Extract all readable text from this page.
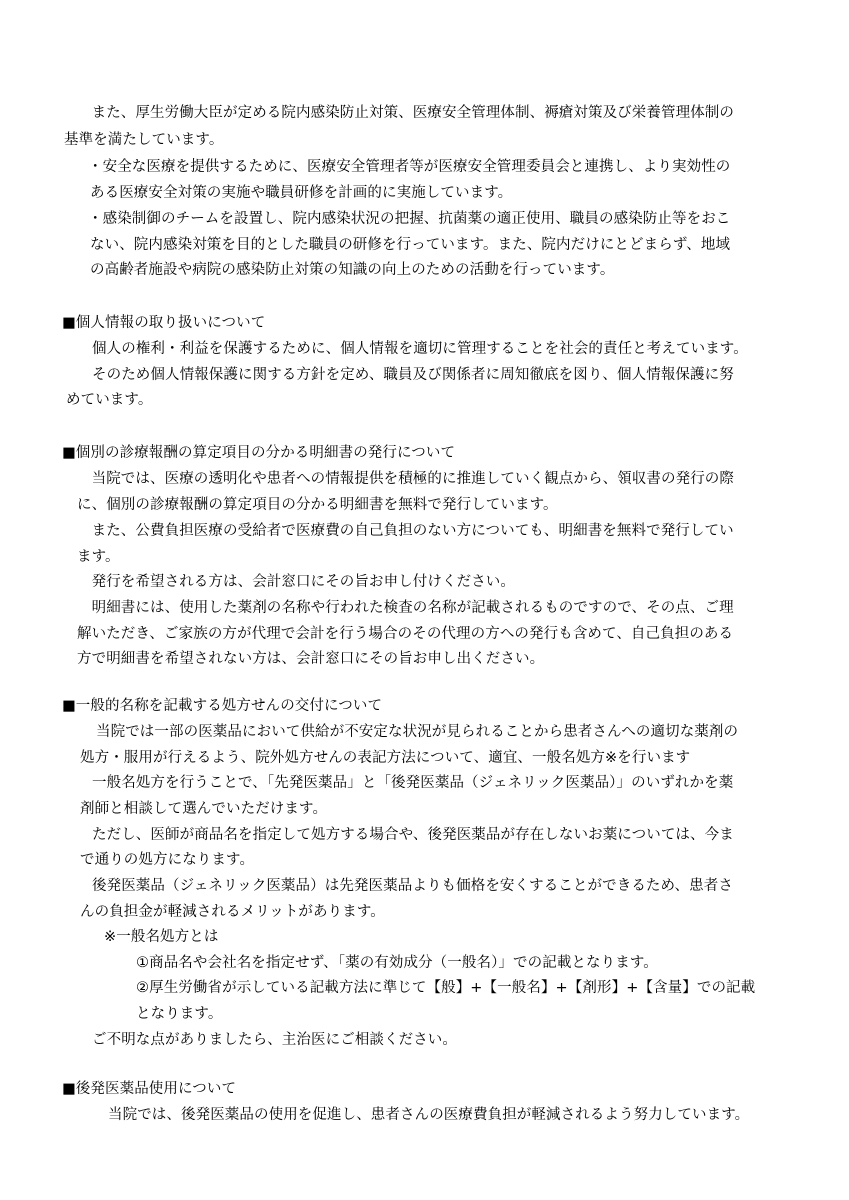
　また、厚生労働大臣が定める院内感染防止対策、医療安全管理体制、褥瘡対策及び栄養管理体制の
基準を満たしています。
・安全な医療を提供するために、医療安全管理者等が医療安全管理委員会と連携し、より実効性の
ある医療安全対策の実施や職員研修を計画的に実施しています。
・感染制御のチームを設置し、院内感染状況の把握、抗菌薬の適正使用、職員の感染防止等をおこ
ない、院内感染対策を目的とした職員の研修を行っています。また、院内だけにとどまらず、地域
の高齢者施設や病院の感染防止対策の知識の向上のための活動を行っています。
■個人情報の取り扱いについて
個人の権利・利益を保護するために、個人情報を適切に管理することを社会的責任と考えています。
そのため個人情報保護に関する方針を定め、職員及び関係者に周知徹底を図り、個人情報保護に努
めています。
■個別の診療報酬の算定項目の分かる明細書の発行について
　当院では、医療の透明化や患者への情報提供を積極的に推進していく観点から、領収書の発行の際
に、個別の診療報酬の算定項目の分かる明細書を無料で発行しています。
　また、公費負担医療の受給者で医療費の自己負担のない方についても、明細書を無料で発行してい
ます。
　発行を希望される方は、会計窓口にその旨お申し付けください。
　明細書には、使用した薬剤の名称や行われた検査の名称が記載されるものですので、その点、ご理
解いただき、ご家族の方が代理で会計を行う場合のその代理の方への発行も含めて、自己負担のある
方で明細書を希望されない方は、会計窓口にその旨お申し出ください。
■一般的名称を記載する処方せんの交付について
当院では一部の医薬品において供給が不安定な状況が見られることから患者さんへの適切な薬剤の
処方・服用が行えるよう、院外処方せんの表記方法について、適宜、一般名処方※を行います
一般名処方を行うことで、「先発医薬品」と「後発医薬品（ジェネリック医薬品）」のいずれかを薬
剤師と相談して選んでいただけます。
ただし、医師が商品名を指定して処方する場合や、後発医薬品が存在しないお薬については、今ま
で通りの処方になります。
後発医薬品（ジェネリック医薬品）は先発医薬品よりも価格を安くすることができるため、患者さ
んの負担金が軽減されるメリットがあります。
※一般名処方とは
①商品名や会社名を指定せず、「薬の有効成分（一般名）」での記載となります。
②厚生労働省が示している記載方法に準じて【般】+【一般名】+【剤形】+【含量】での記載
となります。
ご不明な点がありましたら、主治医にご相談ください。
■後発医薬品使用について
当院では、後発医薬品の使用を促進し、患者さんの医療費負担が軽減されるよう努力しています。
